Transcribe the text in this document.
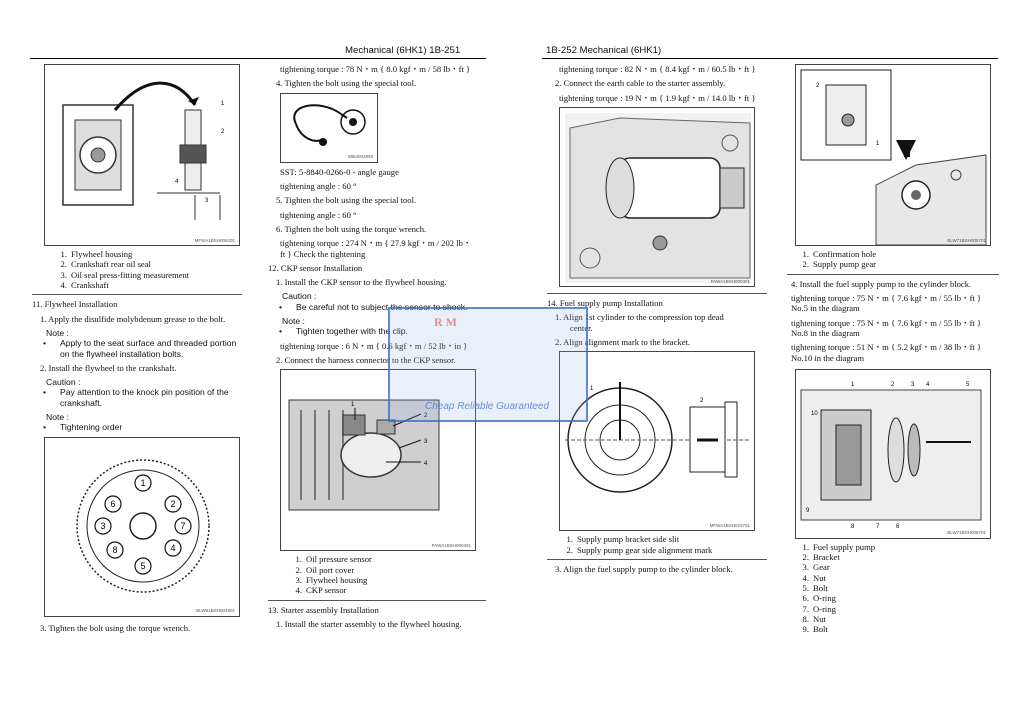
Mechanical (6HK1) 1B-251
1
2
3
4
MFWA1BSH006201
1. Flywheel housing
2. Crankshaft rear oil seal
3. Oil seal press-fitting measurement
4. Crankshaft
11. Flywheel Installation
1. Apply the disulfide molybdenum grease to the bolt.
Note :
• Apply to the seat surface and threaded portion on the flywheel installation bolts.
2. Install the flywheel to the crankshaft.
Caution :
• Pay attention to the knock pin position of the crankshaft.
Note :
• Tightening order
1
2
3
4
5
6
7
8
BLW51BSH004901
3. Tighten the bolt using the torque wrench.
tightening torque : 78 N・m { 8.0 kgf・m / 58 lb・ft }
4. Tighten the bolt using the special tool.
5884002893
SST: 5-8840-0266-0 - angle gauge
tightening angle : 60 °
5. Tighten the bolt using the special tool.
tightening angle : 60 °
6. Tighten the bolt using the torque wrench.
tightening torque : 274 N・m { 27.9 kgf・m / 202 lb・
ft } Check the tightening
12. CKP sensor Installation
1. Install the CKP sensor to the flywheel housing.
Caution :
• Be careful not to subject the sensor to shock.
Note :
• Tighten together with the clip.
tightening torque : 6 N・m { 0.6 kgf・m / 52 lb・in }
2. Connect the harness connector to the CKP sensor.
1
2
3
4
PAWA1BSH000401
1. Oil pressure sensor
2. Oil port cover
3. Flywheel housing
4. CKP sensor
13. Starter assembly Installation
1. Install the starter assembly to the flywheel housing.
1B-252 Mechanical (6HK1)
tightening torque : 82 N・m { 8.4 kgf・m / 60.5 lb・ft }
2. Connect the earth cable to the starter assembly.
tightening torque : 19 N・m { 1.9 kgf・m / 14.0 lb・ft }
PAWA1BSH000301
14. Fuel supply pump Installation
1. Align 1st cylinder to the compression top dead
center.
2. Align alignment mark to the bracket.
1
2
MFWA1BSH023701
1. Supply pump bracket side slit
2. Supply pump gear side alignment mark
3. Align the fuel supply pump to the cylinder block.
2
1
BLW71BSH005701
1. Confirmation hole
2. Supply pump gear
4. Install the fuel supply pump to the cylinder block.
tightening torque : 75 N・m { 7.6 kgf・m / 55 lb・ft }
No.5 in the diagram
tightening torque : 75 N・m { 7.6 kgf・m / 55 lb・ft }
No.8 in the diagram
tightening torque : 51 N・m { 5.2 kgf・m / 38 lb・ft }
No.10 in the diagram
1	2	3 4	5
10
9
8	7	6
BLW71BSH006701
1. Fuel supply pump
2. Bracket
3. Gear
4. Nut
5. Bolt
6. O-ring
7. O-ring
8. Nut
9. Bolt
R M
Cheap Reliable Guaranteed
